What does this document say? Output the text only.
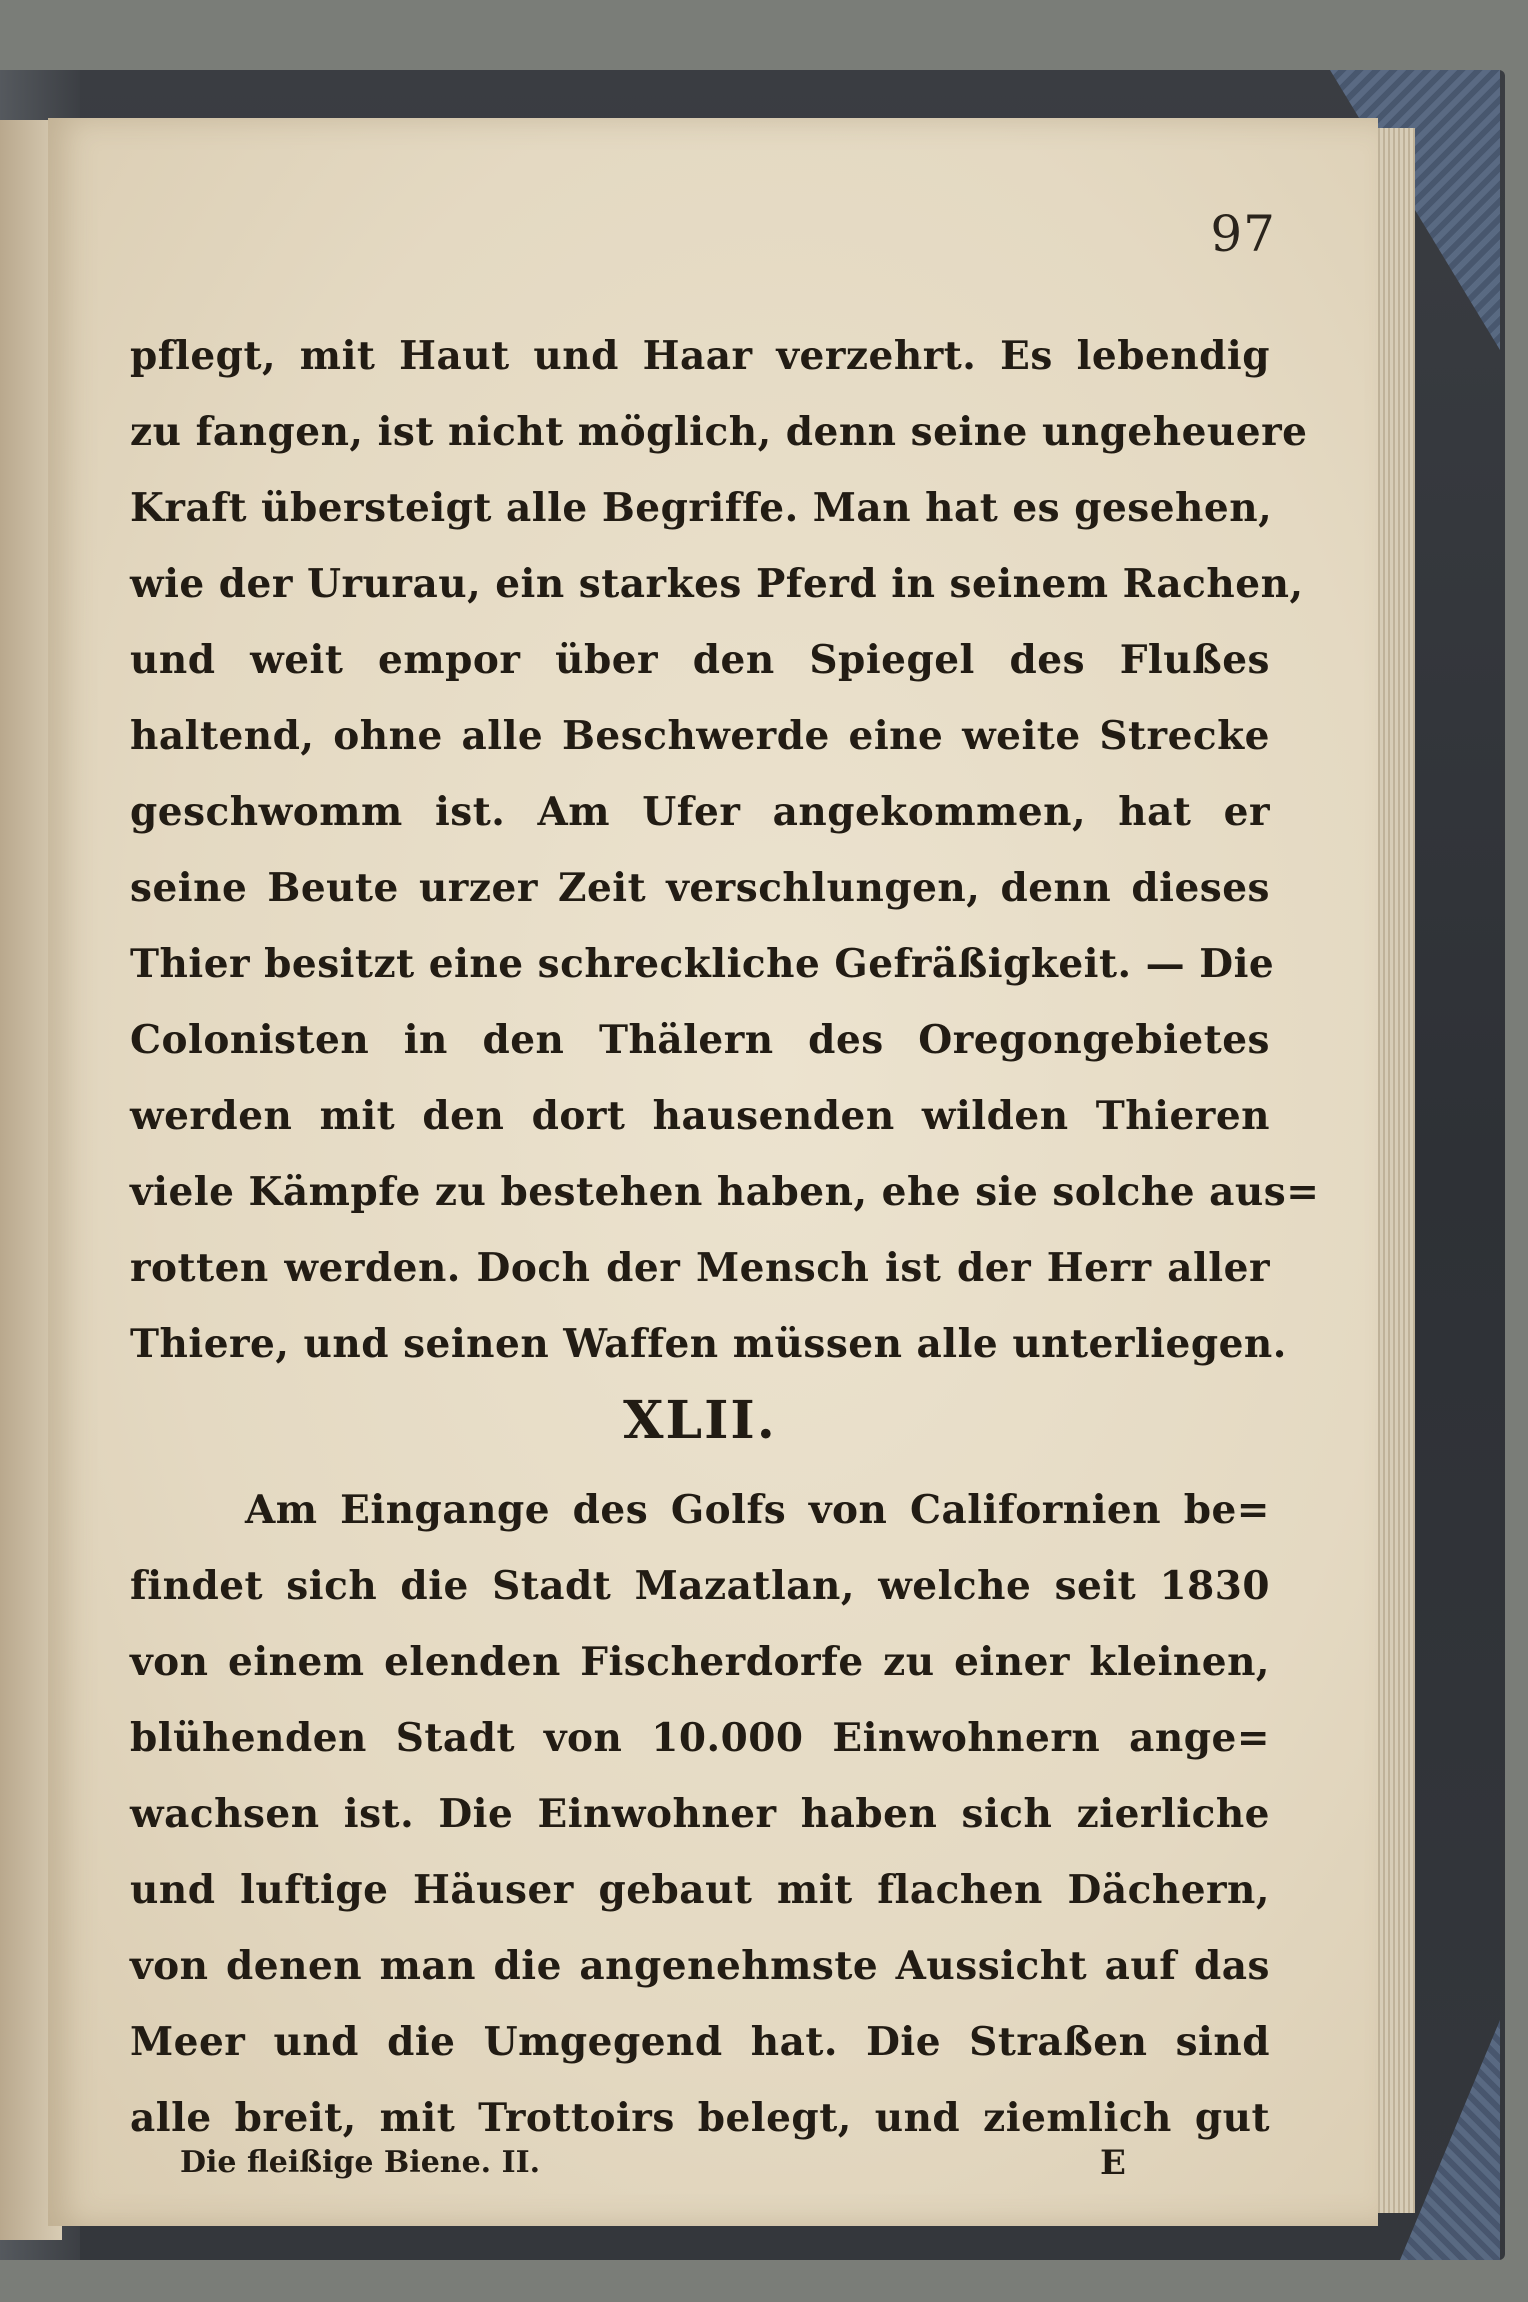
97
pflegt, mit Haut und Haar verzehrt. Es lebendig
zu fangen, ist nicht möglich, denn seine ungeheuere
Kraft übersteigt alle Begriffe. Man hat es gesehen,
wie der Ururau, ein starkes Pferd in seinem Rachen,
und weit empor über den Spiegel des Flußes
haltend, ohne alle Beschwerde eine weite Strecke
geschwomm ist. Am Ufer angekommen, hat er
seine Beute urzer Zeit verschlungen, denn dieses
Thier besitzt eine schreckliche Gefräßigkeit. — Die
Colonisten in den Thälern des Oregongebietes
werden mit den dort hausenden wilden Thieren
viele Kämpfe zu bestehen haben, ehe sie solche aus=
rotten werden. Doch der Mensch ist der Herr aller
Thiere, und seinen Waffen müssen alle unterliegen.
XLII.
Am Eingange des Golfs von Californien be=
findet sich die Stadt Mazatlan, welche seit 1830
von einem elenden Fischerdorfe zu einer kleinen,
blühenden Stadt von 10.000 Einwohnern ange=
wachsen ist. Die Einwohner haben sich zierliche
und luftige Häuser gebaut mit flachen Dächern,
von denen man die angenehmste Aussicht auf das
Meer und die Umgegend hat. Die Straßen sind
alle breit, mit Trottoirs belegt, und ziemlich gut
Die fleißige Biene. II.	E
